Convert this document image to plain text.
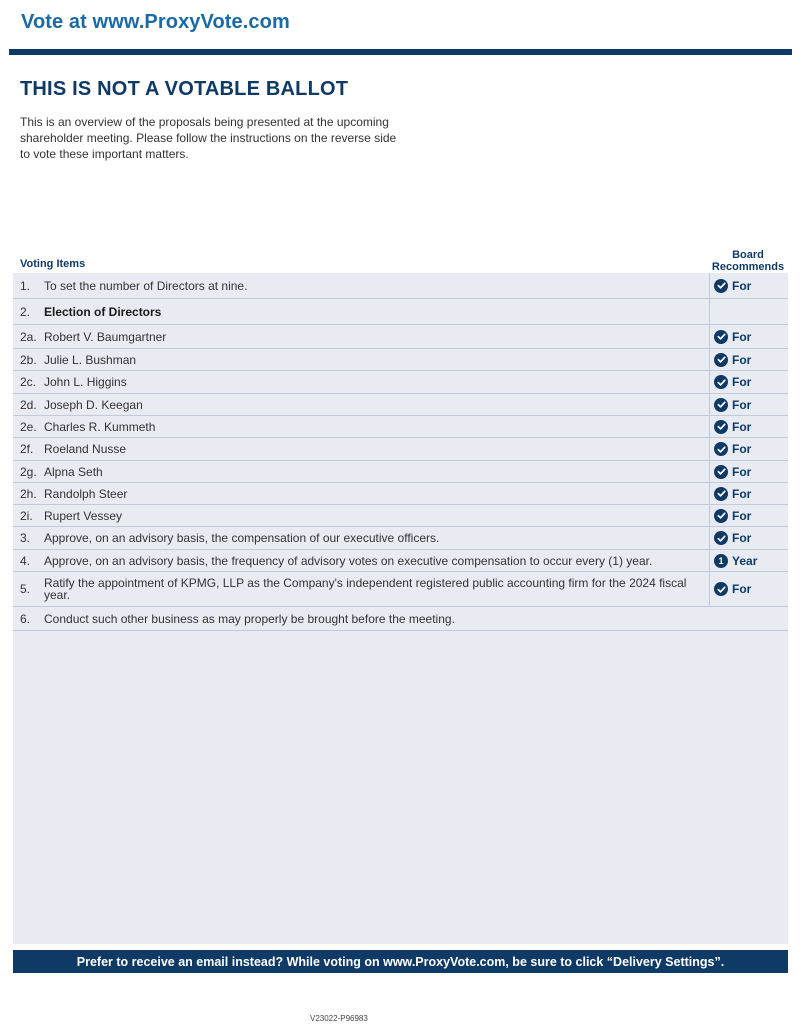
Vote at www.ProxyVote.com
THIS IS NOT A VOTABLE BALLOT
This is an overview of the proposals being presented at the upcoming shareholder meeting. Please follow the instructions on the reverse side to vote these important matters.
Voting Items
Board
Recommends
1.	To set the number of Directors at nine.	For
2.	Election of Directors
2a. Robert V. Baumgartner	For
2b. Julie L. Bushman	For
2c. John L. Higgins	For
2d. Joseph D. Keegan	For
2e. Charles R. Kummeth	For
2f. Roeland Nusse	For
2g. Alpna Seth	For
2h. Randolph Steer	For
2i. Rupert Vessey	For
3.	Approve, on an advisory basis, the compensation of our executive officers.	For
4.	Approve, on an advisory basis, the frequency of advisory votes on executive compensation to occur every (1) year.	1 Year
5.	Ratify the appointment of KPMG, LLP as the Company's independent registered public accounting firm for the 2024 fiscal year.	For
6.	Conduct such other business as may properly be brought before the meeting.
Prefer to receive an email instead? While voting on www.ProxyVote.com, be sure to click “Delivery Settings”.
V23022-P96983
